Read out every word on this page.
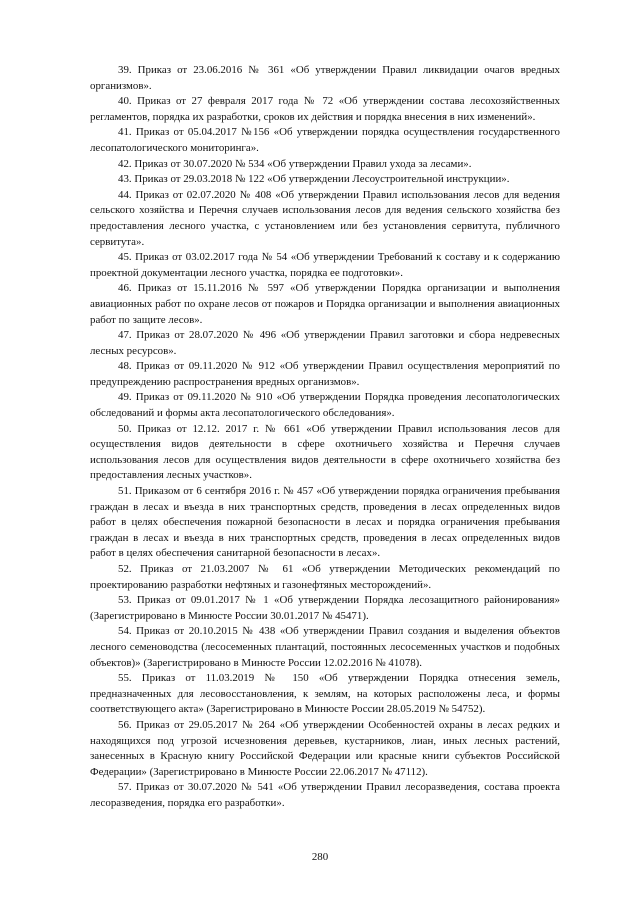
39. Приказ от 23.06.2016 № 361 «Об утверждении Правил ликвидации очагов вредных организмов».

40. Приказ от 27 февраля 2017 года № 72 «Об утверждении состава лесохозяйственных регламентов, порядка их разработки, сроков их действия и порядка внесения в них изменений».

41. Приказ от 05.04.2017 №156 «Об утверждении порядка осуществления государственного лесопатологического мониторинга».

42. Приказ от 30.07.2020 № 534 «Об утверждении Правил ухода за лесами».

43. Приказ от 29.03.2018 № 122 «Об утверждении Лесоустроительной инструкции».

44. Приказ от 02.07.2020 № 408 «Об утверждении Правил использования лесов для ведения сельского хозяйства и Перечня случаев использования лесов для ведения сельского хозяйства без предоставления лесного участка, с установлением или без установления сервитута, публичного сервитута».

45. Приказ от 03.02.2017 года № 54 «Об утверждении Требований к составу и к содержанию проектной документации лесного участка, порядка ее подготовки».

46. Приказ от 15.11.2016 № 597 «Об утверждении Порядка организации и выполнения авиационных работ по охране лесов от пожаров и Порядка организации и выполнения авиационных работ по защите лесов».

47. Приказ от 28.07.2020 № 496 «Об утверждении Правил заготовки и сбора недревесных лесных ресурсов».

48. Приказ от 09.11.2020 № 912 «Об утверждении Правил осуществления мероприятий по предупреждению распространения вредных организмов».

49. Приказ от 09.11.2020 № 910 «Об утверждении Порядка проведения лесопатологических обследований и формы акта лесопатологического обследования».

50. Приказ от 12.12. 2017 г. № 661 «Об утверждении Правил использования лесов для осуществления видов деятельности в сфере охотничьего хозяйства и Перечня случаев использования лесов для осуществления видов деятельности в сфере охотничьего хозяйства без предоставления лесных участков».

51. Приказом от 6 сентября 2016 г. № 457 «Об утверждении порядка ограничения пребывания граждан в лесах и въезда в них транспортных средств, проведения в лесах определенных видов работ в целях обеспечения пожарной безопасности в лесах и порядка ограничения пребывания граждан в лесах и въезда в них транспортных средств, проведения в лесах определенных видов работ в целях обеспечения санитарной безопасности в лесах».

52. Приказ от 21.03.2007 № 61 «Об утверждении Методических рекомендаций по проектированию разработки нефтяных и газонефтяных месторождений».

53. Приказ от 09.01.2017 № 1 «Об утверждении Порядка лесозащитного районирования» (Зарегистрировано в Минюсте России 30.01.2017 № 45471).

54. Приказ от 20.10.2015 № 438 «Об утверждении Правил создания и выделения объектов лесного семеноводства (лесосеменных плантаций, постоянных лесосеменных участков и подобных объектов)» (Зарегистрировано в Минюсте России 12.02.2016 № 41078).

55. Приказ от 11.03.2019 № 150 «Об утверждении Порядка отнесения земель, предназначенных для лесовосстановления, к землям, на которых расположены леса, и формы соответствующего акта» (Зарегистрировано в Минюсте России 28.05.2019 № 54752).

56. Приказ от 29.05.2017 № 264 «Об утверждении Особенностей охраны в лесах редких и находящихся под угрозой исчезновения деревьев, кустарников, лиан, иных лесных растений, занесенных в Красную книгу Российской Федерации или красные книги субъектов Российской Федерации» (Зарегистрировано в Минюсте России 22.06.2017 № 47112).

57. Приказ от 30.07.2020 № 541 «Об утверждении Правил лесоразведения, состава проекта лесоразведения, порядка его разработки».

280
